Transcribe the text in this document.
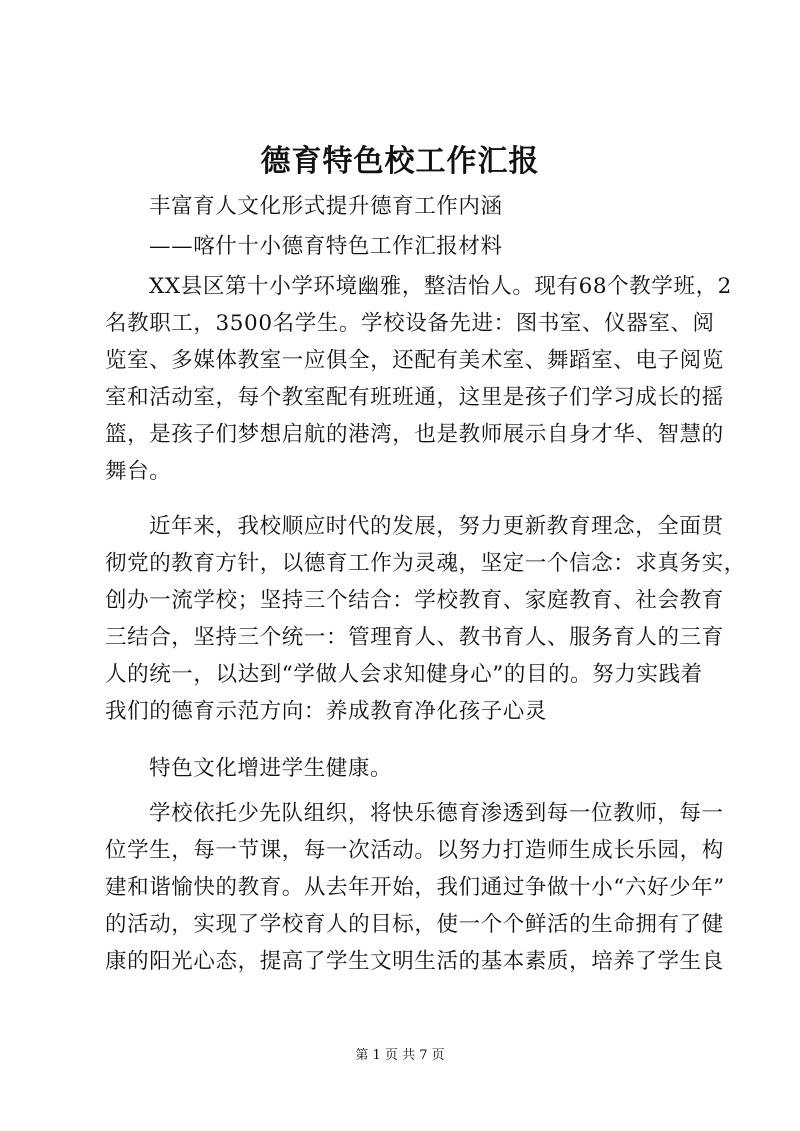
德育特色校工作汇报
丰富育人文化形式提升德育工作内涵
——喀什十小德育特色工作汇报材料
XX县区第十小学环境幽雅，整洁怡人。现有68个教学班，2
名教职工，3500名学生。学校设备先进：图书室、仪器室、阅
览室、多媒体教室一应俱全，还配有美术室、舞蹈室、电子阅览
室和活动室，每个教室配有班班通，这里是孩子们学习成长的摇
篮，是孩子们梦想启航的港湾，也是教师展示自身才华、智慧的
舞台。
近年来，我校顺应时代的发展，努力更新教育理念，全面贯
彻党的教育方针，以德育工作为灵魂，坚定一个信念：求真务实，
创办一流学校；坚持三个结合：学校教育、家庭教育、社会教育
三结合，坚持三个统一：管理育人、教书育人、服务育人的三育
人的统一，以达到“学做人会求知健身心”的目的。努力实践着
我们的德育示范方向：养成教育净化孩子心灵
特色文化增进学生健康。
学校依托少先队组织，将快乐德育渗透到每一位教师，每一
位学生，每一节课，每一次活动。以努力打造师生成长乐园，构
建和谐愉快的教育。从去年开始，我们通过争做十小“六好少年”
的活动，实现了学校育人的目标，使一个个鲜活的生命拥有了健
康的阳光心态，提高了学生文明生活的基本素质，培养了学生良
第 1 页 共 7 页
